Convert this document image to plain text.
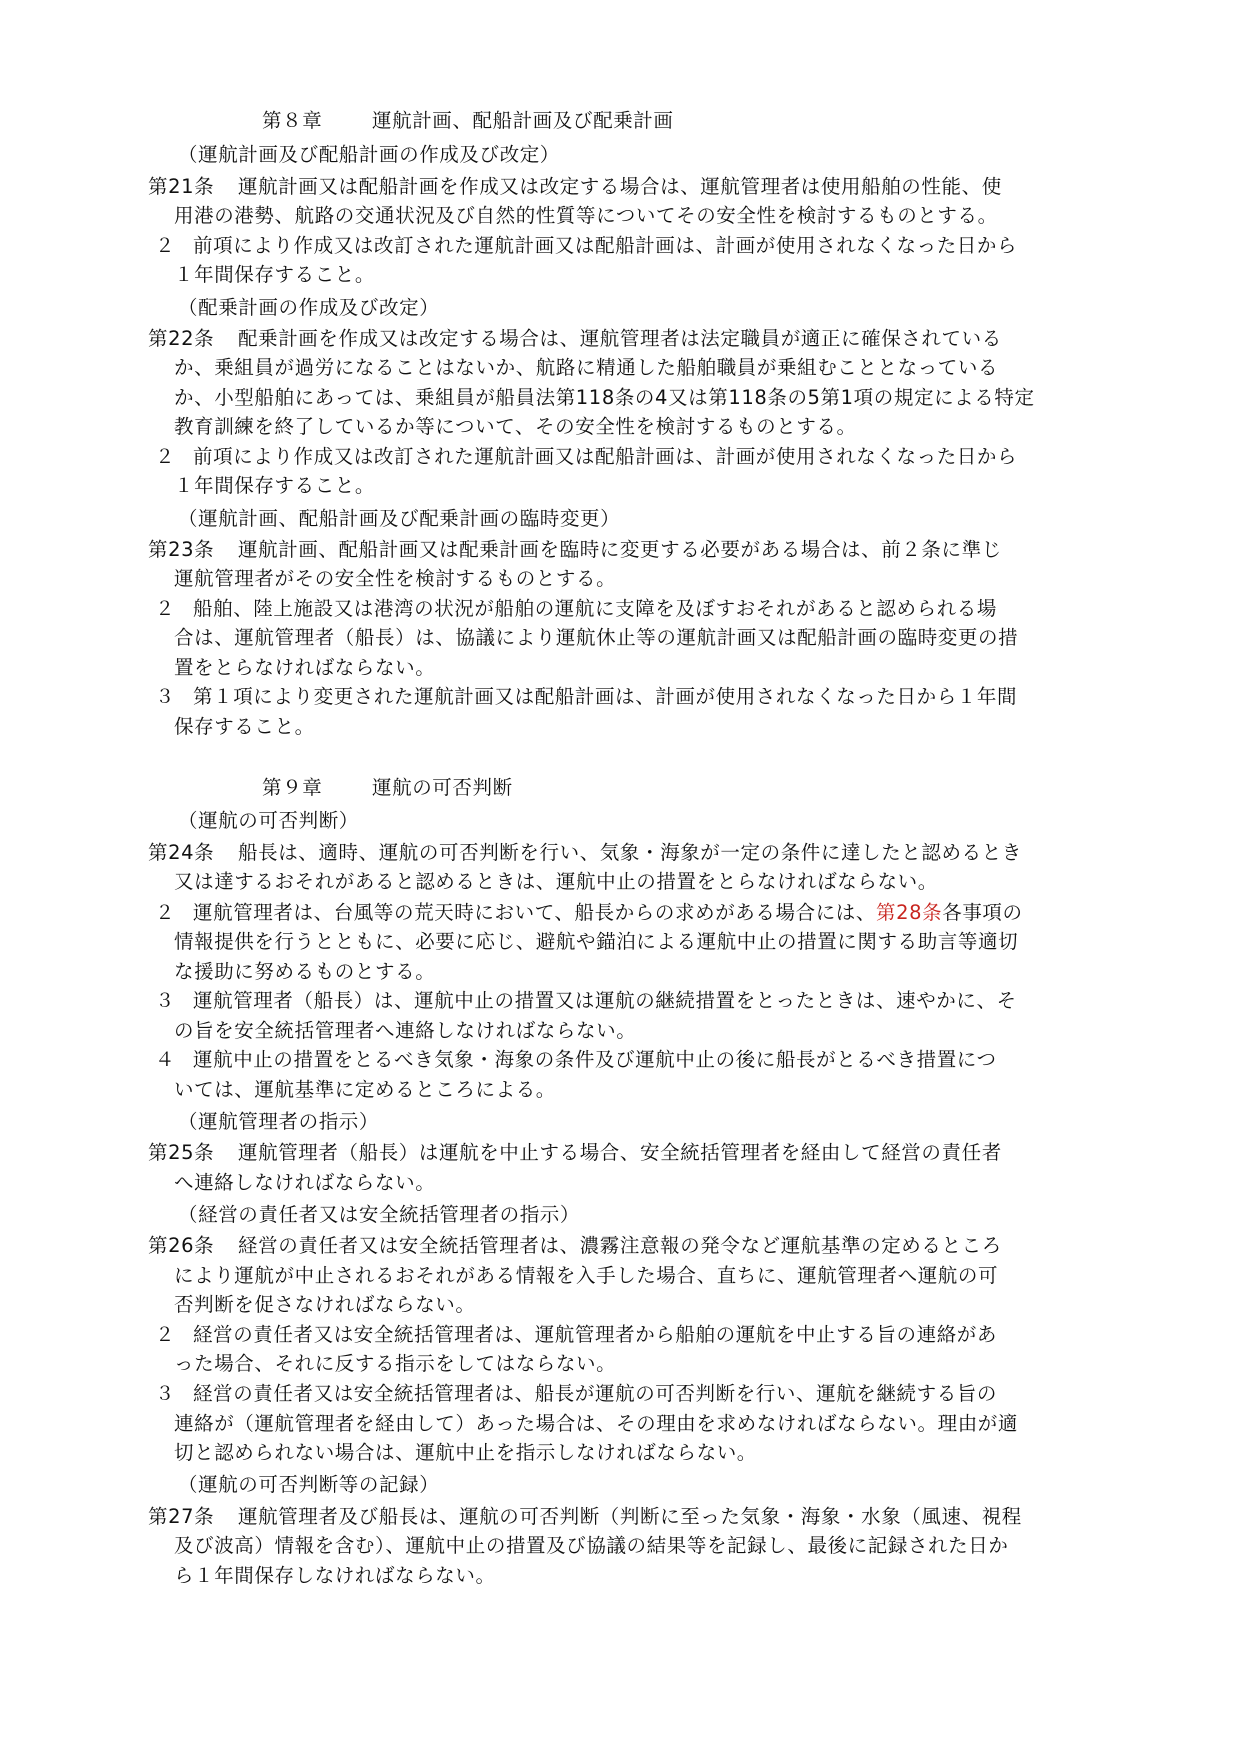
第８章	運航計画、配船計画及び配乗計画
（運航計画及び配船計画の作成及び改定）
第21条 運航計画又は配船計画を作成又は改定する場合は、運航管理者は使用船舶の性能、使
用港の港勢、航路の交通状況及び自然的性質等についてその安全性を検討するものとする。
２ 前項により作成又は改訂された運航計画又は配船計画は、計画が使用されなくなった日から
１年間保存すること。
（配乗計画の作成及び改定）
第22条 配乗計画を作成又は改定する場合は、運航管理者は法定職員が適正に確保されている
か、乗組員が過労になることはないか、航路に精通した船舶職員が乗組むこととなっている
か、小型船舶にあっては、乗組員が船員法第118条の4又は第118条の5第1項の規定による特定
教育訓練を終了しているか等について、その安全性を検討するものとする。
２ 前項により作成又は改訂された運航計画又は配船計画は、計画が使用されなくなった日から
１年間保存すること。
（運航計画、配船計画及び配乗計画の臨時変更）
第23条 運航計画、配船計画又は配乗計画を臨時に変更する必要がある場合は、前２条に準じ
運航管理者がその安全性を検討するものとする。
２ 船舶、陸上施設又は港湾の状況が船舶の運航に支障を及ぼすおそれがあると認められる場
合は、運航管理者（船長）は、協議により運航休止等の運航計画又は配船計画の臨時変更の措
置をとらなければならない。
３ 第１項により変更された運航計画又は配船計画は、計画が使用されなくなった日から１年間
保存すること。
第９章	運航の可否判断
（運航の可否判断）
第24条 船長は、適時、運航の可否判断を行い、気象・海象が一定の条件に達したと認めるとき
又は達するおそれがあると認めるときは、運航中止の措置をとらなければならない。
２ 運航管理者は、台風等の荒天時において、船長からの求めがある場合には、第28条各事項の
情報提供を行うとともに、必要に応じ、避航や錨泊による運航中止の措置に関する助言等適切
な援助に努めるものとする。
３ 運航管理者（船長）は、運航中止の措置又は運航の継続措置をとったときは、速やかに、そ
の旨を安全統括管理者へ連絡しなければならない。
４ 運航中止の措置をとるべき気象・海象の条件及び運航中止の後に船長がとるべき措置につ
いては、運航基準に定めるところによる。
（運航管理者の指示）
第25条 運航管理者（船長）は運航を中止する場合、安全統括管理者を経由して経営の責任者
へ連絡しなければならない。
（経営の責任者又は安全統括管理者の指示）
第26条 経営の責任者又は安全統括管理者は、濃霧注意報の発令など運航基準の定めるところ
により運航が中止されるおそれがある情報を入手した場合、直ちに、運航管理者へ運航の可
否判断を促さなければならない。
２ 経営の責任者又は安全統括管理者は、運航管理者から船舶の運航を中止する旨の連絡があ
った場合、それに反する指示をしてはならない。
３ 経営の責任者又は安全統括管理者は、船長が運航の可否判断を行い、運航を継続する旨の
連絡が（運航管理者を経由して）あった場合は、その理由を求めなければならない。理由が適
切と認められない場合は、運航中止を指示しなければならない。
（運航の可否判断等の記録）
第27条 運航管理者及び船長は、運航の可否判断（判断に至った気象・海象・水象（風速、視程
及び波高）情報を含む）、運航中止の措置及び協議の結果等を記録し、最後に記録された日か
ら１年間保存しなければならない。
